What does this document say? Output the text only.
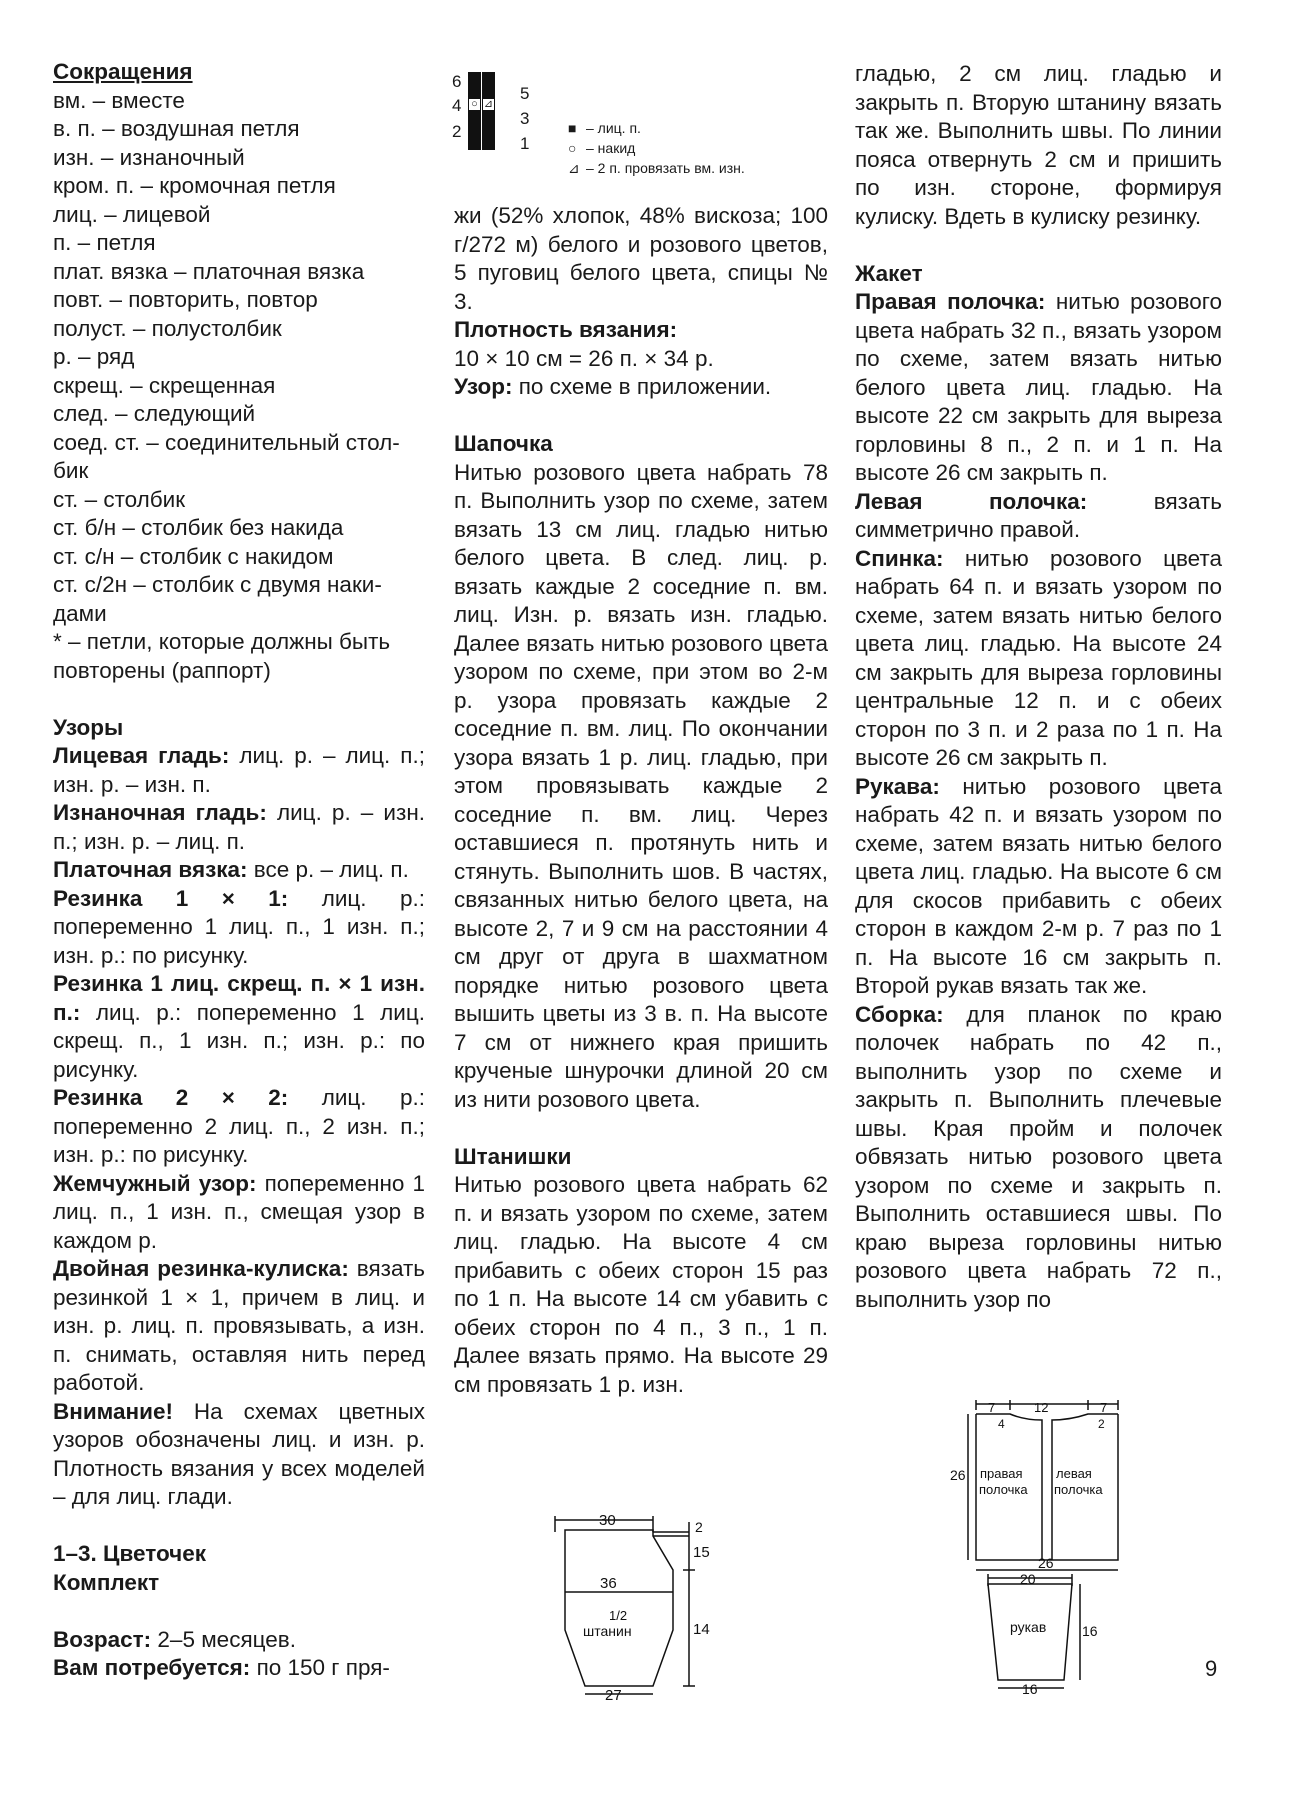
Сокращения

вм. – вместе

в. п. – воздушная петля

изн. – изнаночный

кром. п. – кромочная петля

лиц. – лицевой

п. – петля

плат. вязка – платочная вязка

повт. – повторить, повтор

полуст. – полустолбик

р. – ряд

скрещ. – скрещенная

след. – следующий

соед. ст. – соединительный стол-

бик

ст. – столбик

ст. б/н – столбик без накида

ст. с/н – столбик с накидом

ст. с/2н – столбик с двумя наки-

дами

* – петли, которые должны быть

повторены (раппорт)

Узоры

Лицевая гладь: лиц. р. – лиц. п.; изн. р. – изн. п.

Изнаночная гладь: лиц. р. – изн. п.; изн. р. – лиц. п.

Платочная вязка: все р. – лиц. п.

Резинка 1 × 1: лиц. р.: попеременно 1 лиц. п., 1 изн. п.; изн. р.: по рисунку.

Резинка 1 лиц. скрещ. п. × 1 изн. п.: лиц. р.: попеременно 1 лиц. скрещ. п., 1 изн. п.; изн. р.: по рисунку.

Резинка 2 × 2: лиц. р.: попеременно 2 лиц. п., 2 изн. п.; изн. р.: по рисунку.

Жемчужный узор: попеременно 1 лиц. п., 1 изн. п., смещая узор в каждом р.

Двойная резинка-кулиска: вязать резинкой 1 × 1, причем в лиц. и изн. р. лиц. п. провязывать, а изн. п. снимать, оставляя нить перед работой.

Внимание! На схемах цветных узоров обозначены лиц. и изн. р. Плотность вязания у всех моделей – для лиц. глади.

1–3. Цветочек

Комплект

Возраст: 2–5 месяцев.

Вам потребуется: по 150 г пря-

6
4
2
5
3
1
○ ⊿
■ – лиц. п.
○ – накид
⊿ – 2 п. провязать вм. изн.

жи (52% хлопок, 48% вискоза; 100 г/272 м) белого и розового цветов, 5 пуговиц белого цвета, спицы № 3.

Плотность вязания:

10 × 10 см = 26 п. × 34 р.

Узор: по схеме в приложении.

Шапочка

Нитью розового цвета набрать 78 п. Выполнить узор по схеме, затем вязать 13 см лиц. гладью нитью белого цвета. В след. лиц. р. вязать каждые 2 соседние п. вм. лиц. Изн. р. вязать изн. гладью. Далее вязать нитью розового цвета узором по схеме, при этом во 2-м р. узора провязать каждые 2 соседние п. вм. лиц. По окончании узора вязать 1 р. лиц. гладью, при этом провязывать каждые 2 соседние п. вм. лиц. Через оставшиеся п. протянуть нить и стянуть. Выполнить шов. В частях, связанных нитью белого цвета, на высоте 2, 7 и 9 см на расстоянии 4 см друг от друга в шахматном порядке нитью розового цвета вышить цветы из 3 в. п. На высоте 7 см от нижнего края пришить крученые шнурочки длиной 20 см из нити розового цвета.

Штанишки

Нитью розового цвета набрать 62 п. и вязать узором по схеме, затем лиц. гладью. На высоте 4 см прибавить с обеих сторон 15 раз по 1 п. На высоте 14 см убавить с обеих сторон по 4 п., 3 п., 1 п. Далее вязать прямо. На высоте 29 см провязать 1 р. изн.

гладью, 2 см лиц. гладью и закрыть п. Вторую штанину вязать так же. Выполнить швы. По линии пояса отвернуть 2 см и пришить по изн. стороне, формируя кулиску. Вдеть в кулиску резинку.

Жакет

Правая полочка: нитью розового цвета набрать 32 п., вязать узором по схеме, затем вязать нитью белого цвета лиц. гладью. На высоте 22 см закрыть для выреза горловины 8 п., 2 п. и 1 п. На высоте 26 см закрыть п.

Левая полочка: вязать симметрично правой.

Спинка: нитью розового цвета набрать 64 п. и вязать узором по схеме, затем вязать нитью белого цвета лиц. гладью. На высоте 24 см закрыть для выреза горловины центральные 12 п. и с обеих сторон по 3 п. и 2 раза по 1 п. На высоте 26 см закрыть п.

Рукава: нитью розового цвета набрать 42 п. и вязать узором по схеме, затем вязать нитью белого цвета лиц. гладью. На высоте 6 см для скосов прибавить с обеих сторон в каждом 2-м р. 7 раз по 1 п. На высоте 16 см закрыть п. Второй рукав вязать так же.

Сборка: для планок по краю полочек набрать по 42 п., выполнить узор по схеме и закрыть п. Выполнить плечевые швы. Края пройм и полочек обвязать нитью розового цвета узором по схеме и закрыть п. Выполнить оставшиеся швы. По краю выреза горловины нитью розового цвета набрать 72 п., выполнить узор по

30	2
15
36
1/2
штанин	14
27
7	12	7
4	2
26 правая
полочка
левая
полочка
26
20
рукав	16
16
9
